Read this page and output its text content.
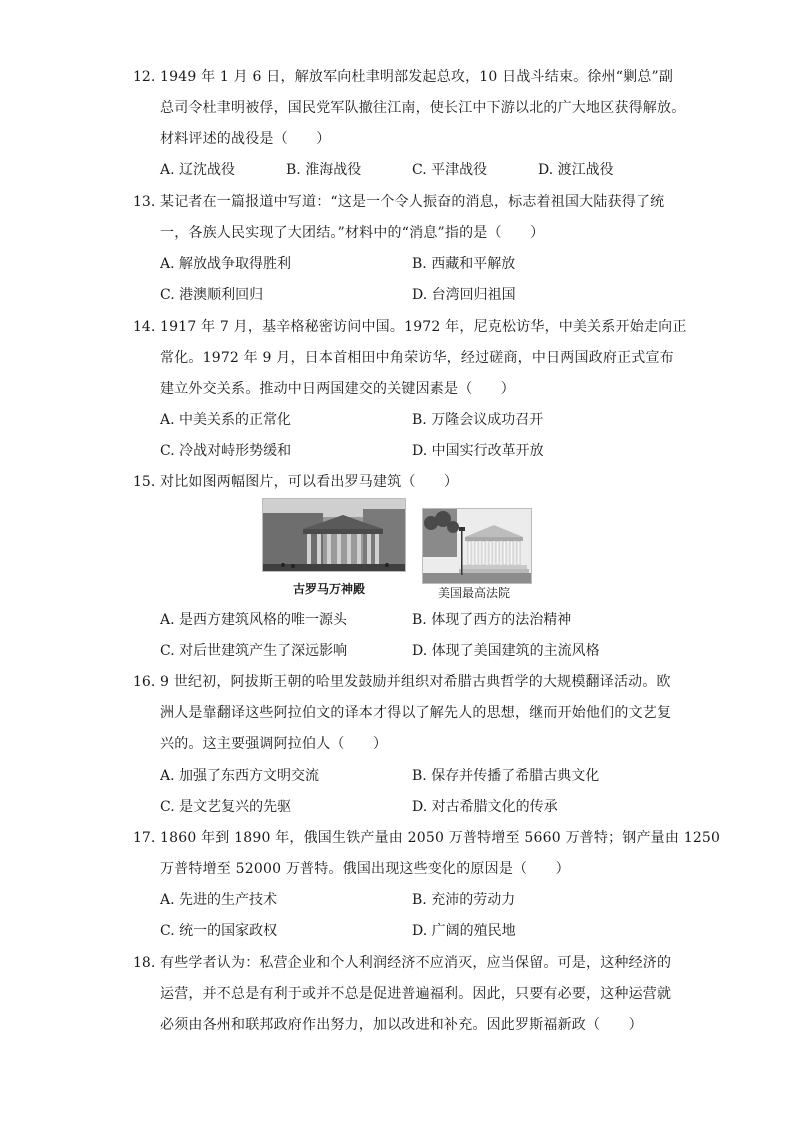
12. 1949 年 1 月 6 日，解放军向杜聿明部发起总攻，10 日战斗结束。徐州“剿总”副
总司令杜聿明被俘，国民党军队撤往江南，使长江中下游以北的广大地区获得解放。
材料评述的战役是（　　）
A. 辽沈战役	B. 淮海战役	C. 平津战役	D. 渡江战役
13. 某记者在一篇报道中写道：“这是一个令人振奋的消息，标志着祖国大陆获得了统
一，各族人民实现了大团结。”材料中的“消息”指的是（　　）
A. 解放战争取得胜利	B. 西藏和平解放
C. 港澳顺利回归	D. 台湾回归祖国
14. 1917 年 7 月，基辛格秘密访问中国。1972 年，尼克松访华，中美关系开始走向正
常化。1972 年 9 月，日本首相田中角荣访华，经过磋商，中日两国政府正式宣布
建立外交关系。推动中日两国建交的关键因素是（　　）
A. 中美关系的正常化	B. 万隆会议成功召开
C. 冷战对峙形势缓和	D. 中国实行改革开放
15. 对比如图两幅图片，可以看出罗马建筑（　　）
古罗马万神殿	美国最高法院
A. 是西方建筑风格的唯一源头	B. 体现了西方的法治精神
C. 对后世建筑产生了深远影响	D. 体现了美国建筑的主流风格
16. 9 世纪初，阿拔斯王朝的哈里发鼓励并组织对希腊古典哲学的大规模翻译活动。欧
洲人是靠翻译这些阿拉伯文的译本才得以了解先人的思想，继而开始他们的文艺复
兴的。这主要强调阿拉伯人（　　）
A. 加强了东西方文明交流	B. 保存并传播了希腊古典文化
C. 是文艺复兴的先驱	D. 对古希腊文化的传承
17. 1860 年到 1890 年，俄国生铁产量由 2050 万普特增至 5660 万普特；钢产量由 1250
万普特增至 52000 万普特。俄国出现这些变化的原因是（　　）
A. 先进的生产技术	B. 充沛的劳动力
C. 统一的国家政权	D. 广阔的殖民地
18. 有些学者认为：私营企业和个人利润经济不应消灭，应当保留。可是，这种经济的
运营，并不总是有利于或并不总是促进普遍福利。因此，只要有必要，这种运营就
必须由各州和联邦政府作出努力，加以改进和补充。因此罗斯福新政（　　）
